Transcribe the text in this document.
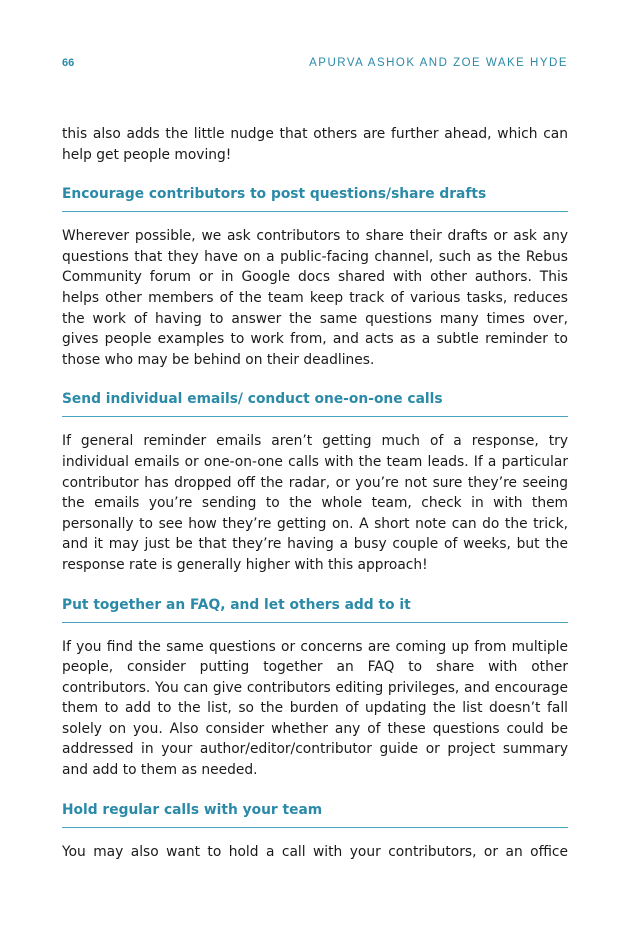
66	APURVA ASHOK AND ZOE WAKE HYDE

this also adds the little nudge that others are further ahead, which can help get people moving!

Encourage contributors to post questions/share drafts

Wherever possible, we ask contributors to share their drafts or ask any questions that they have on a public-facing channel, such as the Rebus Community forum or in Google docs shared with other authors. This helps other members of the team keep track of various tasks, reduces the work of having to answer the same questions many times over, gives people examples to work from, and acts as a subtle reminder to those who may be behind on their deadlines.

Send individual emails/ conduct one-on-one calls

If general reminder emails aren’t getting much of a response, try individual emails or one-on-one calls with the team leads. If a particular contributor has dropped off the radar, or you’re not sure they’re seeing the emails you’re sending to the whole team, check in with them personally to see how they’re getting on. A short note can do the trick, and it may just be that they’re having a busy couple of weeks, but the response rate is generally higher with this approach!

Put together an FAQ, and let others add to it

If you find the same questions or concerns are coming up from multiple people, consider putting together an FAQ to share with other contributors. You can give contributors editing privileges, and encourage them to add to the list, so the burden of updating the list doesn’t fall solely on you. Also consider whether any of these questions could be addressed in your author/editor/contributor guide or project summary and add to them as needed.

Hold regular calls with your team

You may also want to hold a call with your contributors, or an office
